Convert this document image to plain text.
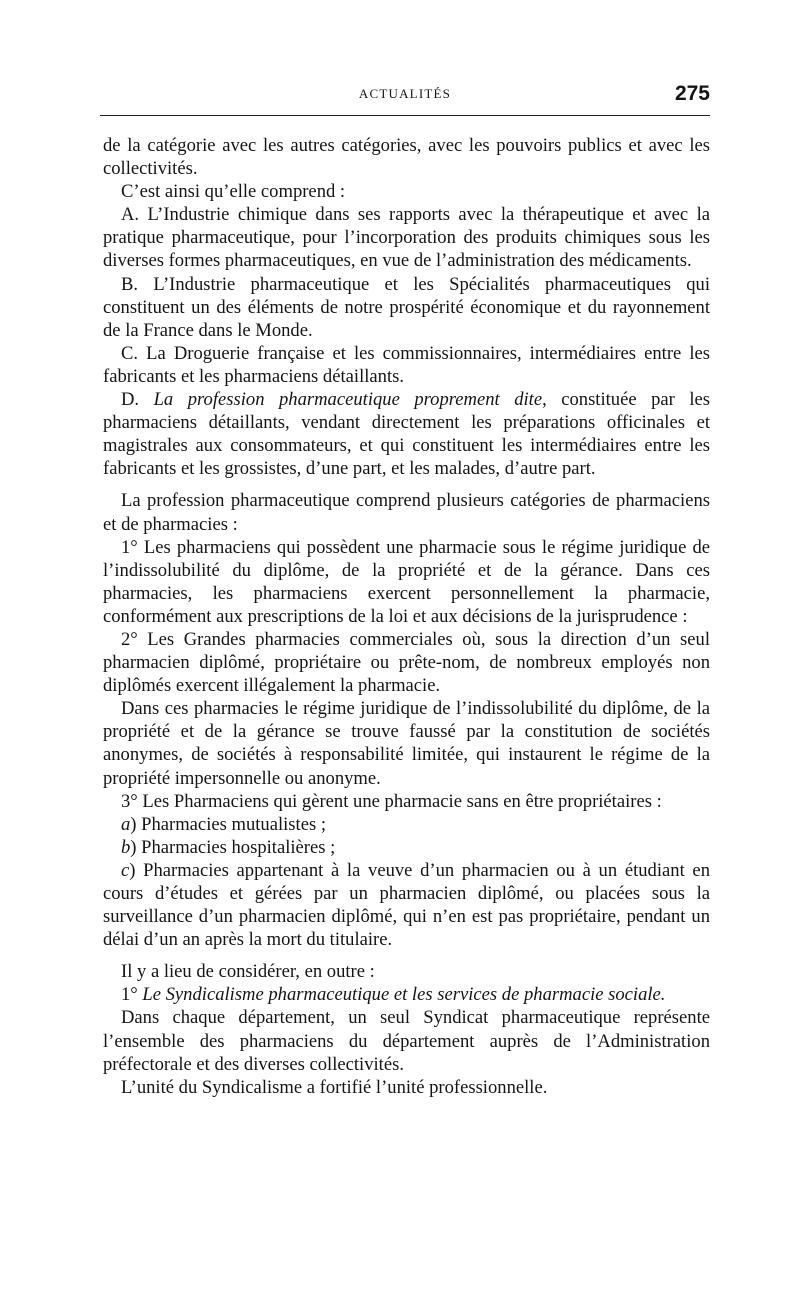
ACTUALITÉS	275

de la catégorie avec les autres catégories, avec les pouvoirs publics et avec les collectivités.

C’est ainsi qu’elle comprend :

A. L’Industrie chimique dans ses rapports avec la thérapeutique et avec la pratique pharmaceutique, pour l’incorporation des produits chimiques sous les diverses formes pharmaceutiques, en vue de l’administration des médicaments.

B. L’Industrie pharmaceutique et les Spécialités pharmaceutiques qui constituent un des éléments de notre prospérité économique et du rayonnement de la France dans le Monde.

C. La Droguerie française et les commissionnaires, intermédiaires entre les fabricants et les pharmaciens détaillants.

D. La profession pharmaceutique proprement dite, constituée par les pharmaciens détaillants, vendant directement les préparations officinales et magistrales aux consommateurs, et qui constituent les intermédiaires entre les fabricants et les grossistes, d’une part, et les malades, d’autre part.

La profession pharmaceutique comprend plusieurs catégories de pharmaciens et de pharmacies :

1° Les pharmaciens qui possèdent une pharmacie sous le régime juridique de l’indissolubilité du diplôme, de la propriété et de la gérance. Dans ces pharmacies, les pharmaciens exercent personnellement la pharmacie, conformément aux prescriptions de la loi et aux décisions de la jurisprudence :

2° Les Grandes pharmacies commerciales où, sous la direction d’un seul pharmacien diplômé, propriétaire ou prête-nom, de nombreux employés non diplômés exercent illégalement la pharmacie.

Dans ces pharmacies le régime juridique de l’indissolubilité du diplôme, de la propriété et de la gérance se trouve faussé par la constitution de sociétés anonymes, de sociétés à responsabilité limitée, qui instaurent le régime de la propriété impersonnelle ou anonyme.

3° Les Pharmaciens qui gèrent une pharmacie sans en être propriétaires :

a) Pharmacies mutualistes ;

b) Pharmacies hospitalières ;

c) Pharmacies appartenant à la veuve d’un pharmacien ou à un étudiant en cours d’études et gérées par un pharmacien diplômé, ou placées sous la surveillance d’un pharmacien diplômé, qui n’en est pas propriétaire, pendant un délai d’un an après la mort du titulaire.

Il y a lieu de considérer, en outre :

1° Le Syndicalisme pharmaceutique et les services de pharmacie sociale.

Dans chaque département, un seul Syndicat pharmaceutique représente l’ensemble des pharmaciens du département auprès de l’Administration préfectorale et des diverses collectivités.

L’unité du Syndicalisme a fortifié l’unité professionnelle.
